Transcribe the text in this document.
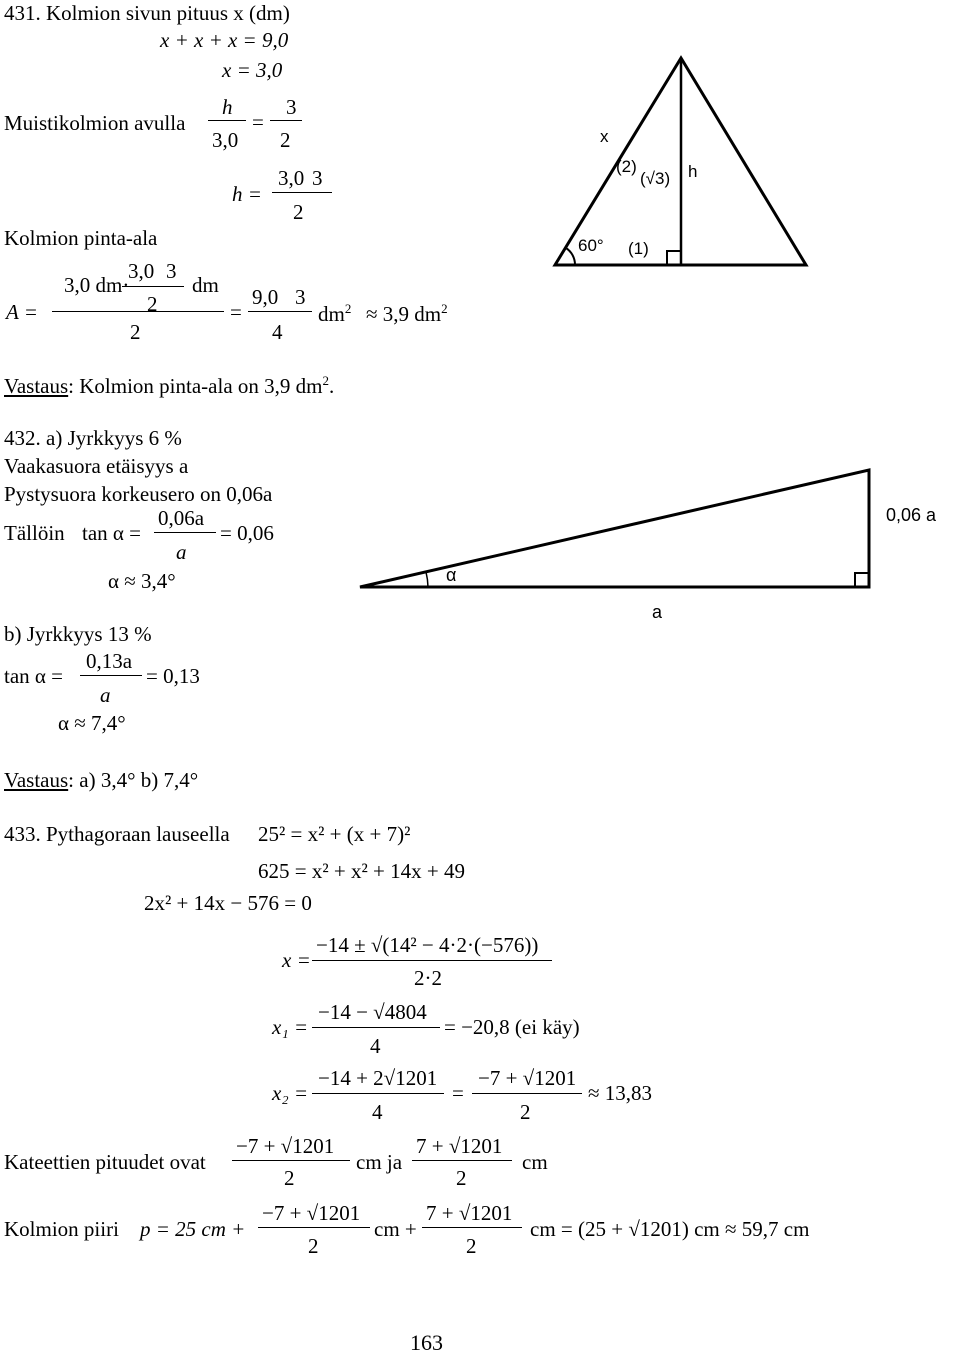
431. Kolmion sivun pituus x (dm)
x + x + x = 9,0
x = 3,0
Muistikolmion avulla
h
3,0
=
3
2
h =
3,0 3
2
Kolmion pinta-ala
3,0 dm·
3,0 3
2
dm
A =
2
=
9,0 3
4
$dm^2 \approx 3,9$ $dm^2$
Vastaus: Kolmion pinta-ala on 3,9 $dm^2$.
x
(2)
(√3) h
60° (1)
432. a) Jyrkkyys 6 %
Vaakasuora etäisyys a
Pystysuora korkeusero on 0,06a
Tällöin tan α =
0,06a
a
= 0,06
α ≈ 3,4°
b) Jyrkkyys 13 %
tan α =
0,13a
a
= 0,13
α ≈ 7,4°
Vastaus: a) 3,4° b) 7,4°
0,06 a
α
a
433. Pythagoraan lauseella 25² = x² + (x + 7)²
625 = x² + x² + 14x + 49
2x² + 14x − 576 = 0
x =
−14 ± √(14² − 4·2·(−576))
2·2
x₁ =
−14 − √4804
4
= −20,8 (ei käy)
x₂ =
−14 + 2√1201
4
=
−7 + √1201
2
≈ 13,83
Kateettien pituudet ovat
−7 + √1201
2
cm ja
7 + √1201
2
cm
Kolmion piiri p = 25 cm +
−7 + √1201
2
cm +
7 + √1201
2
cm = (25 + √1201) cm ≈ 59,7 cm
163
